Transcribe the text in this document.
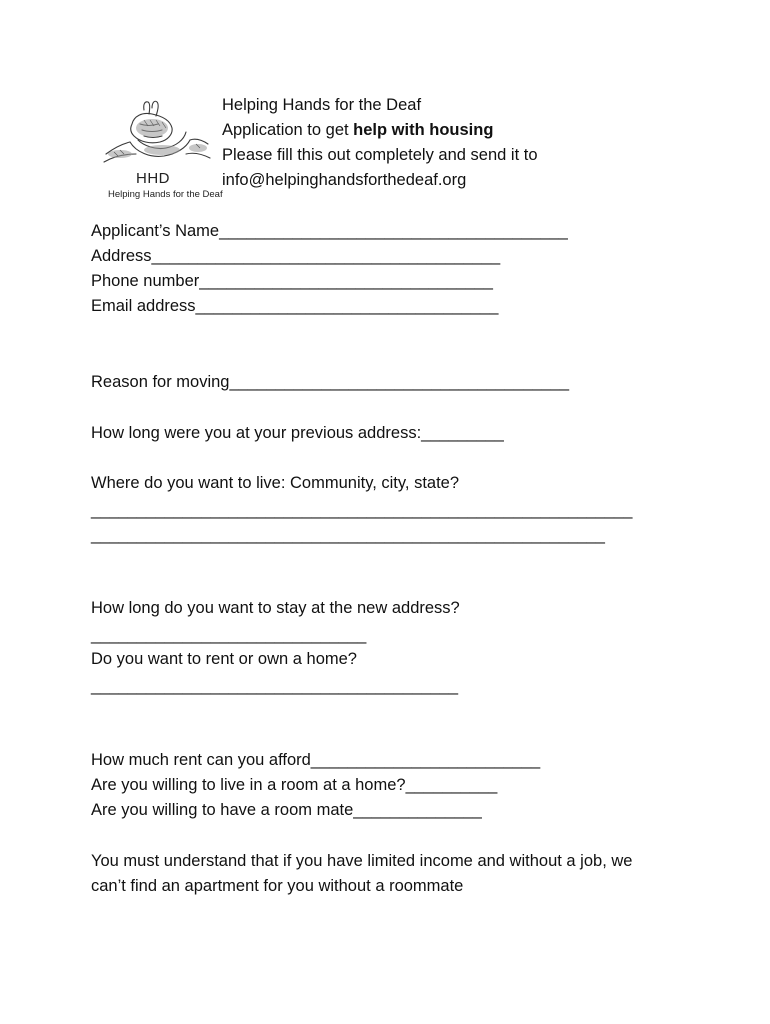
HHD
Helping Hands for the Deaf
Helping Hands for the Deaf
Application to get help with housing
Please fill this out completely and send it to
info@helpinghandsforthedeaf.org
Applicant’s Name______________________________________
Address______________________________________
Phone number________________________________
Email address_________________________________
Reason for moving_____________________________________
How long were you at your previous address:_________
Where do you want to live: Community, city, state?
___________________________________________________________
________________________________________________________
How long do you want to stay at the new address?
______________________________
Do you want to rent or own a home?
________________________________________
How much rent can you afford_________________________
Are you willing to live in a room at a home?__________
Are you willing to have a room mate______________
You must understand that if you have limited income and without a job, we
can’t find an apartment for you without a roommate
